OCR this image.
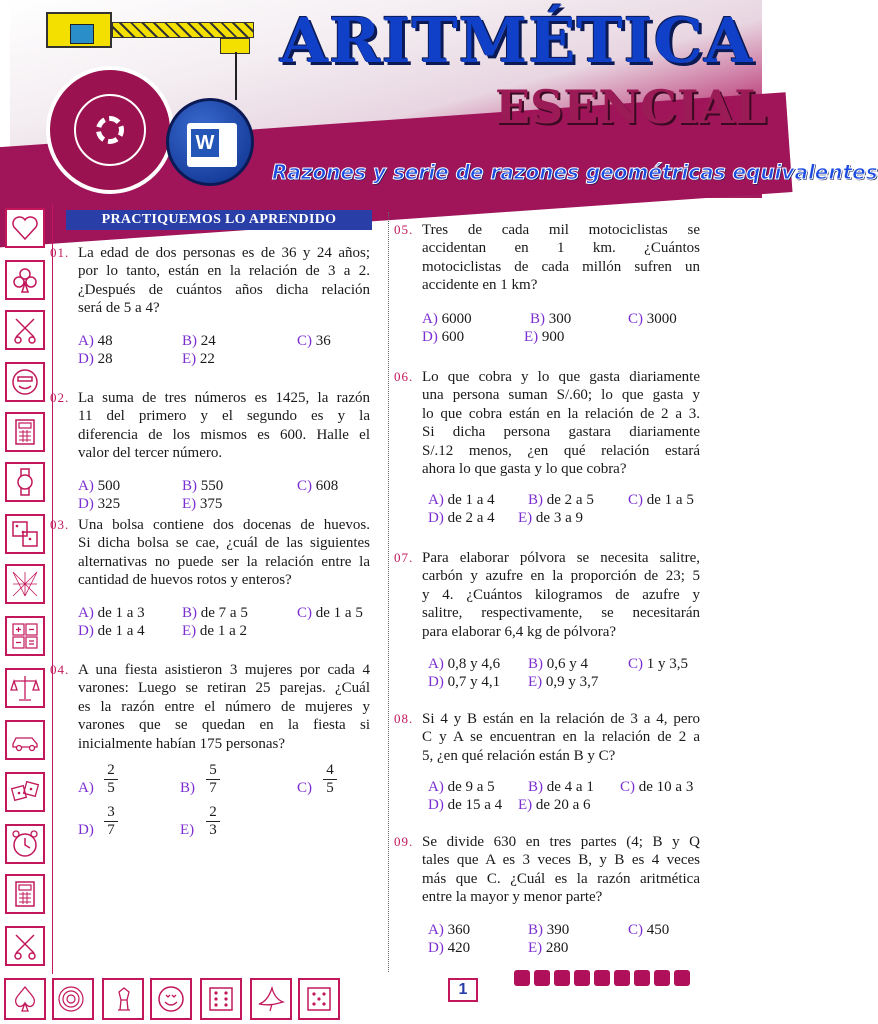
W
ARITMÉTICA
ESENCIAL
Razones y serie de razones geométricas equivalentes
PRACTIQUEMOS LO APRENDIDO
01. La edad de dos personas es de 36 y 24 años;
por lo tanto, están en la relación de 3 a 2.
¿Después de cuántos años dicha relación
será de 5 a 4?
A) 48	B) 24	C) 36
D) 28	E) 22
02. La suma de tres números es 1425, la razón
11 del primero y el segundo es y la
diferencia de los mismos es 600. Halle el
valor del tercer número.
A) 500	B) 550	C) 608
D) 325	E) 375
03. Una bolsa contiene dos docenas de huevos.
Si dicha bolsa se cae, ¿cuál de las siguientes
alternativas no puede ser la relación entre la
cantidad de huevos rotos y enteros?
A) de 1 a 3 B) de 7 a 5	C) de 1 a 5
D) de 1 a 4 E) de 1 a 2
04. A una fiesta asistieron 3 mujeres por cada 4
varones: Luego se retiran 25 parejas. ¿Cuál
es la razón entre el número de mujeres y
varones que se quedan en la fiesta si
inicialmente habían 175 personas?
$A) \frac{2}{5}$	$B) \frac{5}{7}$	$C) \frac{4}{5}$
$D) \frac{3}{7}$	$E) \frac{2}{3}$
05. Tres de cada mil motociclistas se
accidentan en 1 km. ¿Cuántos
motociclistas de cada millón sufren un
accidente en 1 km?
A) 6000	B) 300	C) 3000
D) 600	E) 900
06. Lo que cobra y lo que gasta diariamente
una persona suman S/.60; lo que gasta y
lo que cobra están en la relación de 2 a 3.
Si dicha persona gastara diariamente
S/.12 menos, ¿en qué relación estará
ahora lo que gasta y lo que cobra?
A) de 1 a 4 B) de 2 a 5 C) de 1 a 5
D) de 2 a 4 E) de 3 a 9
07. Para elaborar pólvora se necesita salitre,
carbón y azufre en la proporción de 23; 5
y 4. ¿Cuántos kilogramos de azufre y
salitre, respectivamente, se necesitarán
para elaborar 6,4 kg de pólvora?
A) 0,8 y 4,6 B) 0,6 y 4	C) 1 y 3,5
D) 0,7 y 4,1 E) 0,9 y 3,7
08. Si 4 y B están en la relación de 3 a 4, pero
C y A se encuentran en la relación de 2 a
5, ¿en qué relación están B y C?
A) de 9 a 5 B) de 4 a 1 C) de 10 a 3
D) de 15 a 4 E) de 20 a 6
09. Se divide 630 en tres partes (4; B y Q
tales que A es 3 veces B, y B es 4 veces
más que C. ¿Cuál es la razón aritmética
entre la mayor y menor parte?
A) 360	B) 390	C) 450
D) 420	E) 280
1
